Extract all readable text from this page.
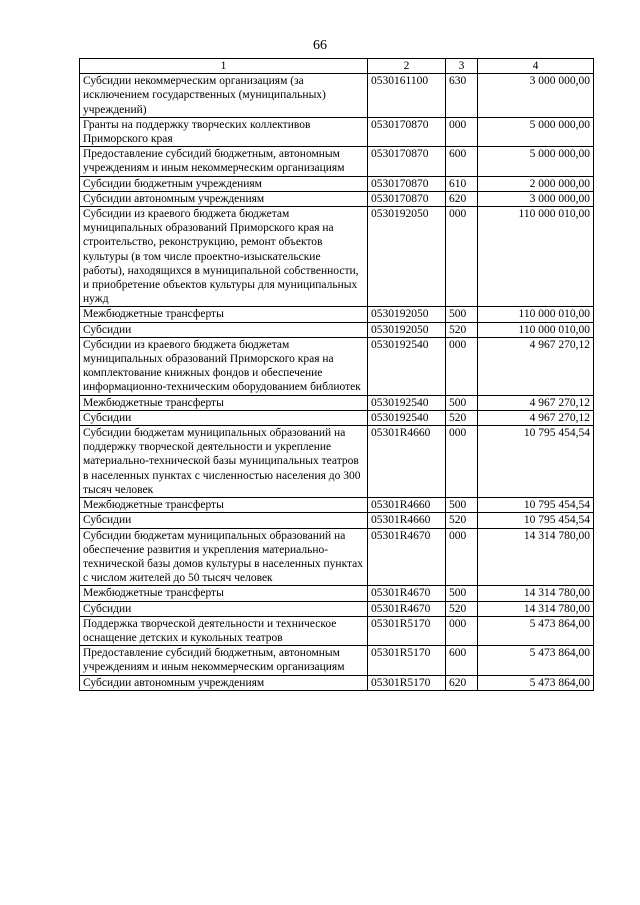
66
1	2	3	4
Субсидии некоммерческим организациям (за исключением государственных (муниципальных) учреждений)	0530161100	630	3 000 000,00
Гранты на поддержку творческих коллективов Приморского края	0530170870	000	5 000 000,00
Предоставление субсидий бюджетным, автономным учреждениям и иным некоммерческим организациям	0530170870	600	5 000 000,00
Субсидии бюджетным учреждениям	0530170870	610	2 000 000,00
Субсидии автономным учреждениям	0530170870	620	3 000 000,00
Субсидии из краевого бюджета бюджетам муниципальных образований Приморского края на строительство, реконструкцию, ремонт объектов культуры (в том числе проектно-изыскательские работы), находящихся в муниципальной собственности, и приобретение объектов культуры для муниципальных нужд	0530192050	000	110 000 010,00
Межбюджетные трансферты	0530192050	500	110 000 010,00
Субсидии	0530192050	520	110 000 010,00
Субсидии из краевого бюджета бюджетам муниципальных образований Приморского края на комплектование книжных фондов и обеспечение информационно-техническим оборудованием библиотек	0530192540	000	4 967 270,12
Межбюджетные трансферты	0530192540	500	4 967 270,12
Субсидии	0530192540	520	4 967 270,12
Субсидии бюджетам муниципальных образований на поддержку творческой деятельности и укрепление материально-технической базы муниципальных театров в населенных пунктах с численностью населения до 300 тысяч человек	05301R4660	000	10 795 454,54
Межбюджетные трансферты	05301R4660	500	10 795 454,54
Субсидии	05301R4660	520	10 795 454,54
Субсидии бюджетам муниципальных образований на обеспечение развития и укрепления материально-технической базы домов культуры в населенных пунктах с числом жителей до 50 тысяч человек	05301R4670	000	14 314 780,00
Межбюджетные трансферты	05301R4670	500	14 314 780,00
Субсидии	05301R4670	520	14 314 780,00
Поддержка творческой деятельности и техническое оснащение детских и кукольных театров	05301R5170	000	5 473 864,00
Предоставление субсидий бюджетным, автономным учреждениям и иным некоммерческим организациям	05301R5170	600	5 473 864,00
Субсидии автономным учреждениям	05301R5170	620	5 473 864,00
